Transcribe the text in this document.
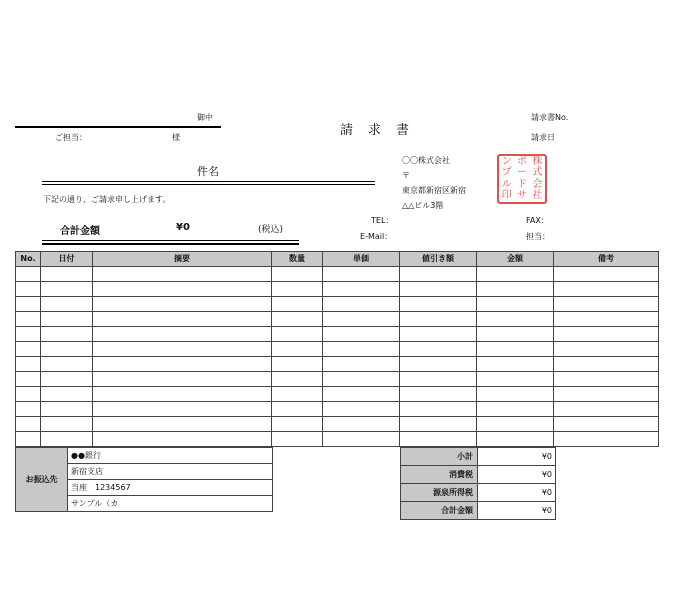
御中
ご担当：	様	請　求　書
請求書No.
請求日
件名
下記の通り、ご請求申し上げます。
合計金額	¥0	(税込)
〇〇株式会社
〒
東京都新宿区新宿
△△ビル3階
TEL：	FAX：
E-Mail：	担当：
ン ポ 株
プ ー 式
ル ド 会
印 サ 社
No.	日付	摘要	数量	単価	値引き額	金額	備考

お振込先	●●銀行
新宿支店
当座　1234567
サンプル（カ
小計	¥0
消費税	¥0
源泉所得税	¥0
合計金額	¥0
